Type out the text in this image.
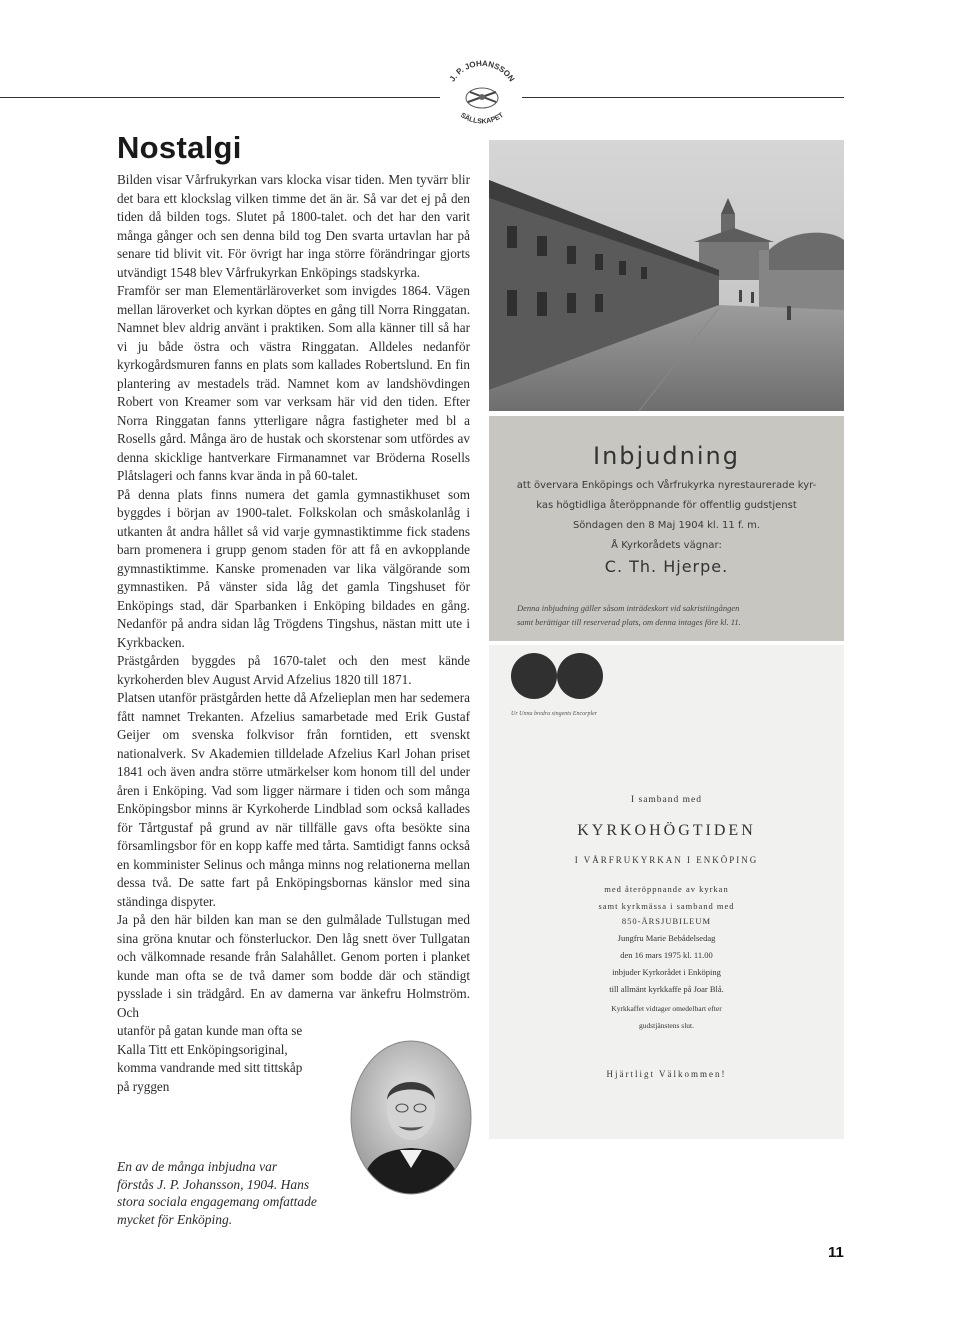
J. P. JOHANSSON
SÄLLSKAPET
Nostalgi

Bilden visar Vårfrukyrkan vars klocka visar tiden. Men tyvärr blir det bara ett klockslag vilken timme det än är. Så var det ej på den tiden då bilden togs. Slutet på 1800-talet. och det har den varit många gånger och sen denna bild tog Den svarta urtavlan har på senare tid blivit vit. För övrigt har inga större förändringar gjorts utvändigt 1548 blev Vårfrukyrkan Enköpings stadskyrka.

Framför ser man Elementärläroverket som invigdes 1864. Vägen mellan läroverket och kyrkan döptes en gång till Norra Ringgatan. Namnet blev aldrig använt i praktiken. Som alla känner till så har vi ju både östra och västra Ringgatan. Alldeles nedanför kyrkogårdsmuren fanns en plats som kallades Robertslund. En fin plantering av mestadels träd. Namnet kom av landshövdingen Robert von Kreamer som var verksam här vid den tiden. Efter Norra Ringgatan fanns ytterligare några fastigheter med bl a Rosells gård. Många äro de hustak och skorstenar som utfördes av denna skicklige hantverkare Firmanamnet var Bröderna Rosells Plåtslageri och fanns kvar ända in på 60-talet.

På denna plats finns numera det gamla gymnastikhuset som byggdes i början av 1900-talet. Folkskolan och småskolanlåg i utkanten åt andra hållet så vid varje gymnastiktimme fick stadens barn promenera i grupp genom staden för att få en avkopplande gymnastiktimme. Kanske promenaden var lika välgörande som gymnastiken. På vänster sida låg det gamla Tingshuset för Enköpings stad, där Sparbanken i Enköping bildades en gång. Nedanför på andra sidan låg Trögdens Tingshus, nästan mitt ute i Kyrkbacken.

Prästgården byggdes på 1670-talet och den mest kände kyrkoherden blev August Arvid Afzelius 1820 till 1871.

Platsen utanför prästgården hette då Afzelieplan men har sedemera fått namnet Trekanten. Afzelius samarbetade med Erik Gustaf Geijer om svenska folkvisor från forntiden, ett svenskt nationalverk. Sv Akademien tilldelade Afzelius Karl Johan priset 1841 och även andra större utmärkelser kom honom till del under åren i Enköping. Vad som ligger närmare i tiden och som många Enköpingsbor minns är Kyrkoherde Lindblad som också kallades för Tårtgustaf på grund av när tillfälle gavs ofta besökte sina församlingsbor för en kopp kaffe med tårta. Samtidigt fanns också en komminister Selinus och många minns nog relationerna mellan dessa två. De satte fart på Enköpingsbornas känslor med sina ständinga dispyter.

Ja på den här bilden kan man se den gulmålade Tullstugan med sina gröna knutar och fönsterluckor. Den låg snett över Tullgatan och välkomnade resande från Salahållet. Genom porten i planket kunde man ofta se de två damer som bodde där och ständigt pysslade i sin trädgård. En av damerna var änkefru Holmström. Och

utanför på gatan kunde man ofta se

Kalla Titt ett Enköpingsoriginal,

komma vandrande med sitt tittskåp

på ryggen

En av de många inbjudna var förstås J. P. Johansson, 1904. Hans stora sociala engagemang omfattade mycket för Enköping.
11
Inbjudning
att övervara Enköpings och Vårfrukyrka nyrestaurerade kyr-
kas högtidliga återöppnande för offentlig gudstjenst
Söndagen den 8 Maj 1904 kl. 11 f. m.
Å Kyrkorådets vägnar:
C. Th. Hjerpe.
Denna inbjudning gäller såsom inträdeskort vid sakristiingången
samt berättigar till reserverad plats, om denna intages före kl. 11.
Ur Unna bredra singents Encorpler
I samband med
KYRKOHÖGTIDEN
I VÅRFRUKYRKAN I ENKÖPING
med återöppnande av kyrkan
samt kyrkmässa i samband med
850-ÅRSJUBILEUM
Jungfru Marie Bebådelsedag
den 16 mars 1975 kl. 11.00
inbjuder Kyrkorådet i Enköping
till allmänt kyrkkaffe på Joar Blå.
Kyrkkaffet vidtager omedelbart efter
gudstjänstens slut.
Hjärtligt Välkommen!
